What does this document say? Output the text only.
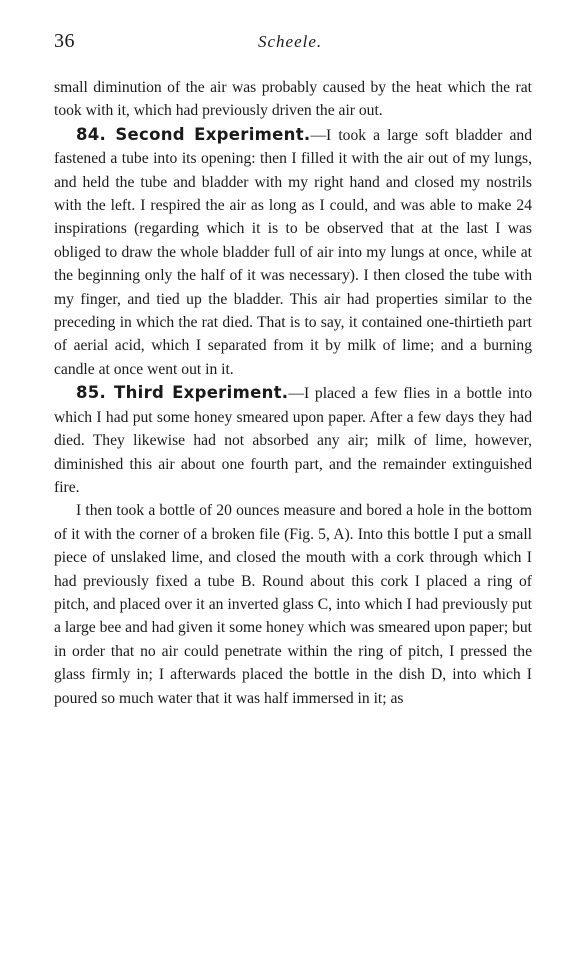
36	Scheele.

small diminution of the air was probably caused by the heat which the rat took with it, which had previously driven the air out.

84. Second Experiment.—I took a large soft bladder and fastened a tube into its opening: then I filled it with the air out of my lungs, and held the tube and bladder with my right hand and closed my nostrils with the left. I respired the air as long as I could, and was able to make 24 inspirations (regarding which it is to be observed that at the last I was obliged to draw the whole bladder full of air into my lungs at once, while at the beginning only the half of it was necessary). I then closed the tube with my finger, and tied up the bladder. This air had properties similar to the preceding in which the rat died. That is to say, it contained one-thirtieth part of aerial acid, which I separated from it by milk of lime; and a burning candle at once went out in it.

85. Third Experiment.—I placed a few flies in a bottle into which I had put some honey smeared upon paper. After a few days they had died. They likewise had not absorbed any air; milk of lime, however, diminished this air about one fourth part, and the remainder extinguished fire.

I then took a bottle of 20 ounces measure and bored a hole in the bottom of it with the corner of a broken file (Fig. 5, A). Into this bottle I put a small piece of unslaked lime, and closed the mouth with a cork through which I had previously fixed a tube B. Round about this cork I placed a ring of pitch, and placed over it an inverted glass C, into which I had previously put a large bee and had given it some honey which was smeared upon paper; but in order that no air could penetrate within the ring of pitch, I pressed the glass firmly in; I afterwards placed the bottle in the dish D, into which I poured so much water that it was half immersed in it; as
